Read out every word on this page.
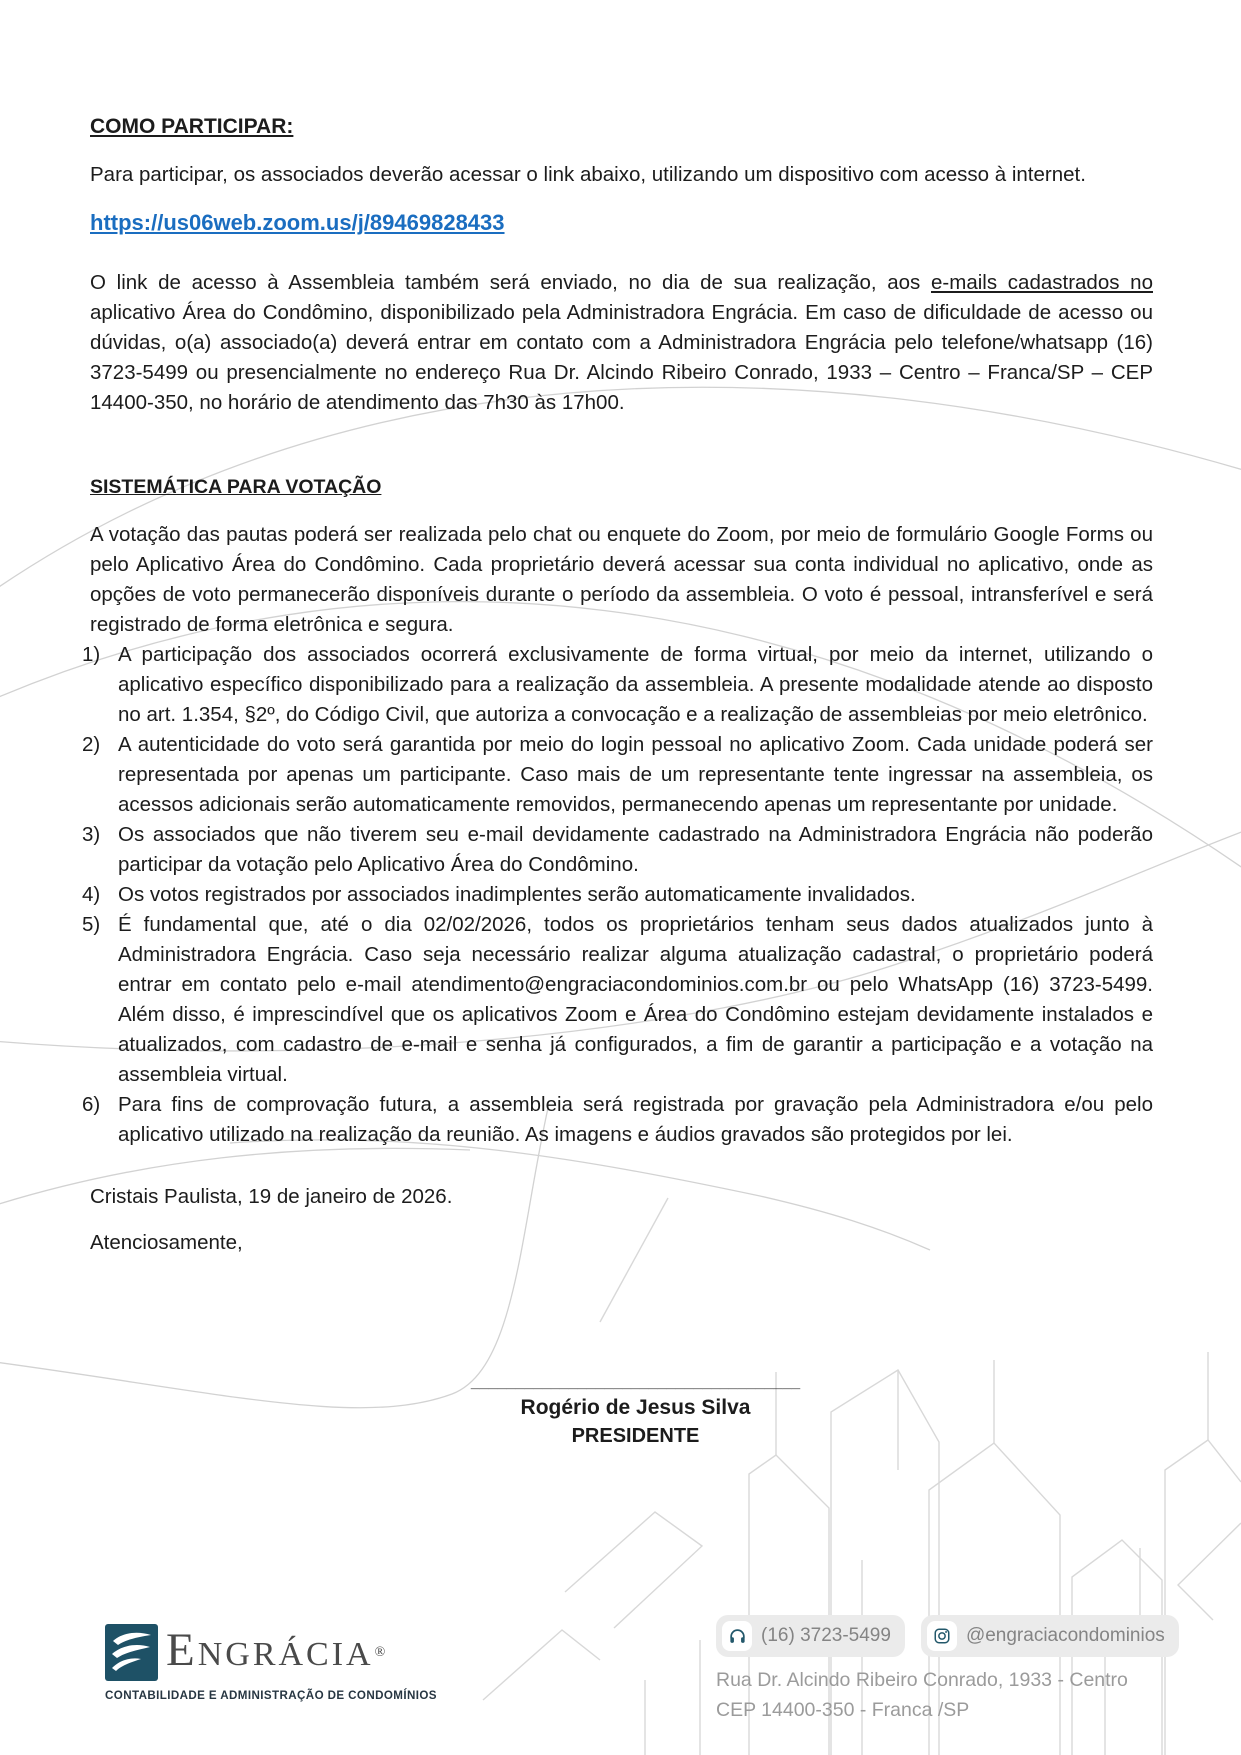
COMO PARTICIPAR:

Para participar, os associados deverão acessar o link abaixo, utilizando um dispositivo com acesso à internet.

https://us06web.zoom.us/j/89469828433

O link de acesso à Assembleia também será enviado, no dia de sua realização, aos e-mails cadastrados no aplicativo Área do Condômino, disponibilizado pela Administradora Engrácia. Em caso de dificuldade de acesso ou dúvidas, o(a) associado(a) deverá entrar em contato com a Administradora Engrácia pelo telefone/whatsapp (16) 3723-5499 ou presencialmente no endereço Rua Dr. Alcindo Ribeiro Conrado, 1933 – Centro – Franca/SP – CEP 14400-350, no horário de atendimento das 7h30 às 17h00.

SISTEMÁTICA PARA VOTAÇÃO

A votação das pautas poderá ser realizada pelo chat ou enquete do Zoom, por meio de formulário Google Forms ou pelo Aplicativo Área do Condômino. Cada proprietário deverá acessar sua conta individual no aplicativo, onde as opções de voto permanecerão disponíveis durante o período da assembleia. O voto é pessoal, intransferível e será registrado de forma eletrônica e segura.

1) A participação dos associados ocorrerá exclusivamente de forma virtual, por meio da internet, utilizando o aplicativo específico disponibilizado para a realização da assembleia. A presente modalidade atende ao disposto no art. 1.354, §2º, do Código Civil, que autoriza a convocação e a realização de assembleias por meio eletrônico.
2) A autenticidade do voto será garantida por meio do login pessoal no aplicativo Zoom. Cada unidade poderá ser representada por apenas um participante. Caso mais de um representante tente ingressar na assembleia, os acessos adicionais serão automaticamente removidos, permanecendo apenas um representante por unidade.
3) Os associados que não tiverem seu e-mail devidamente cadastrado na Administradora Engrácia não poderão participar da votação pelo Aplicativo Área do Condômino.
4) Os votos registrados por associados inadimplentes serão automaticamente invalidados.
5) É fundamental que, até o dia 02/02/2026, todos os proprietários tenham seus dados atualizados junto à Administradora Engrácia. Caso seja necessário realizar alguma atualização cadastral, o proprietário poderá entrar em contato pelo e-mail atendimento@engraciacondominios.com.br ou pelo WhatsApp (16) 3723-5499. Além disso, é imprescindível que os aplicativos Zoom e Área do Condômino estejam devidamente instalados e atualizados, com cadastro de e-mail e senha já configurados, a fim de garantir a participação e a votação na assembleia virtual.
6) Para fins de comprovação futura, a assembleia será registrada por gravação pela Administradora e/ou pelo aplicativo utilizado na realização da reunião. As imagens e áudios gravados são protegidos por lei.

Cristais Paulista, 19 de janeiro de 2026.

Atenciosamente,

_____________________________________
Rogério de Jesus Silva
PRESIDENTE
ENGRÁCIA ®
CONTABILIDADE E ADMINISTRAÇÃO DE CONDOMÍNIOS
(16) 3723-5499	@engraciacondominios
Rua Dr. Alcindo Ribeiro Conrado, 1933 - Centro
CEP 14400-350 - Franca /SP
